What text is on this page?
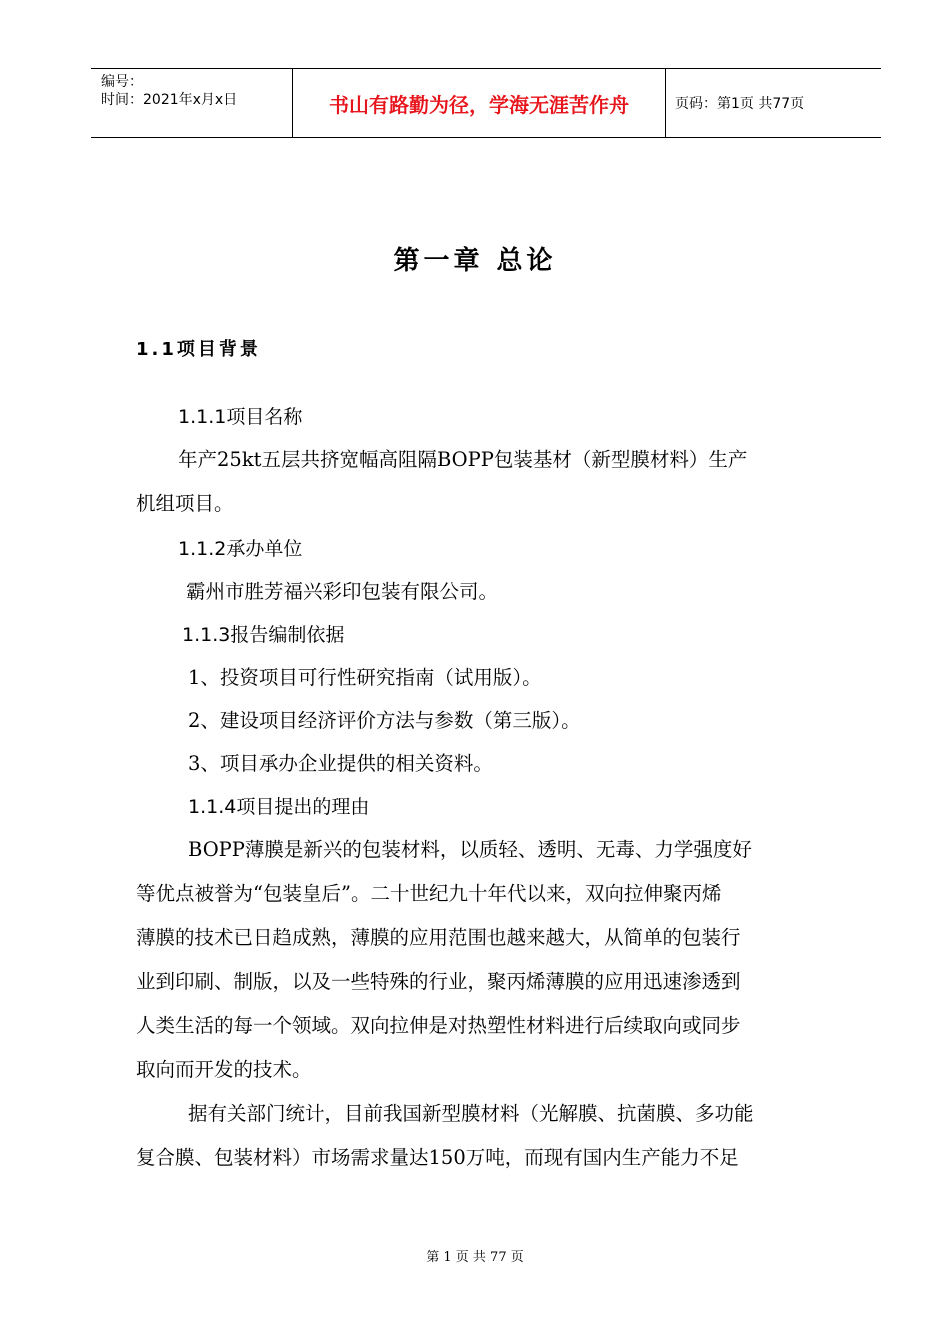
编号：
时间：2021年x月x日	书山有路勤为径，学海无涯苦作舟	页码：第1页 共77页
第一章 总论
1.1项目背景
1.1.1项目名称
年产25kt五层共挤宽幅高阻隔BOPP包装基材（新型膜材料）生产
机组项目。
1.1.2承办单位
霸州市胜芳福兴彩印包装有限公司。
1.1.3报告编制依据
1、投资项目可行性研究指南（试用版）。
2、建设项目经济评价方法与参数（第三版）。
3、项目承办企业提供的相关资料。
1.1.4项目提出的理由
BOPP薄膜是新兴的包装材料，以质轻、透明、无毒、力学强度好
等优点被誉为“包装皇后”。二十世纪九十年代以来，双向拉伸聚丙烯
薄膜的技术已日趋成熟，薄膜的应用范围也越来越大，从简单的包装行
业到印刷、制版，以及一些特殊的行业，聚丙烯薄膜的应用迅速渗透到
人类生活的每一个领域。双向拉伸是对热塑性材料进行后续取向或同步
取向而开发的技术。
据有关部门统计，目前我国新型膜材料（光解膜、抗菌膜、多功能
复合膜、包装材料）市场需求量达150万吨，而现有国内生产能力不足
第 1 页 共 77 页
